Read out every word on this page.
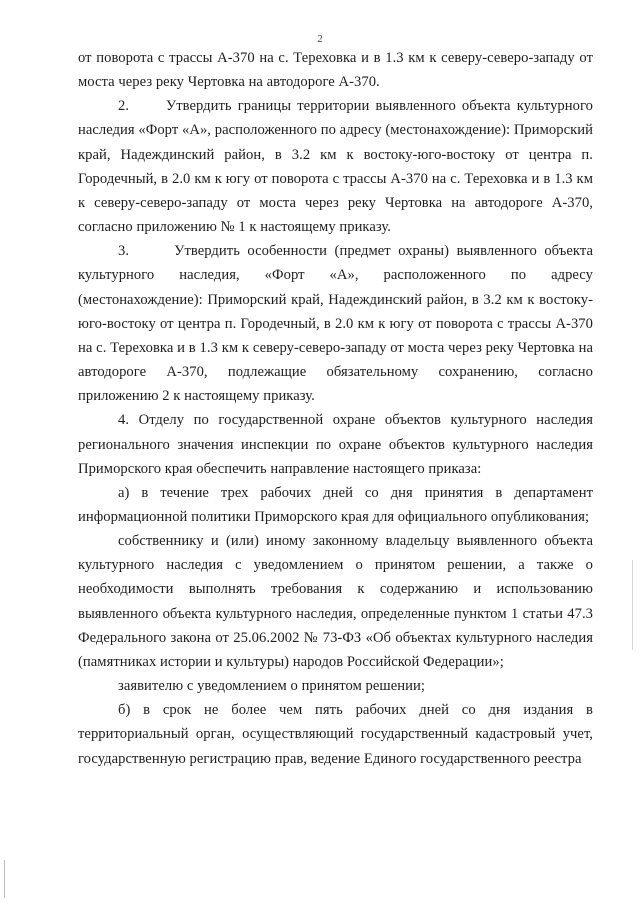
2

от поворота с трассы А-370 на с. Тереховка и в 1.3 км к северу-северо-западу от моста через реку Чертовка на автодороге А-370.

2.      Утвердить границы территории выявленного объекта культурного наследия «Форт «А», расположенного по адресу (местонахождение): Приморский край, Надеждинский район, в 3.2 км к востоку-юго-востоку от центра п. Городечный, в 2.0 км к югу от поворота с трассы А-370 на с. Тереховка и в 1.3 км к северу-северо-западу от моста через реку Чертовка на автодороге А-370, согласно приложению № 1 к настоящему приказу.

3.      Утвердить особенности (предмет охраны) выявленного объекта культурного наследия, «Форт «А», расположенного по адресу (местонахождение): Приморский край, Надеждинский район, в 3.2 км к востоку-юго-востоку от центра п. Городечный, в 2.0 км к югу от поворота с трассы А-370 на с. Тереховка и в 1.3 км к северу-северо-западу от моста через реку Чертовка на автодороге А-370, подлежащие обязательному сохранению, согласно приложению 2 к настоящему приказу.

4. Отделу по государственной охране объектов культурного наследия регионального значения инспекции по охране объектов культурного наследия Приморского края обеспечить направление настоящего приказа:

а) в течение трех рабочих дней со дня принятия в департамент информационной политики Приморского края для официального опубликования;

собственнику и (или) иному законному владельцу выявленного объекта культурного наследия с уведомлением о принятом решении, а также о необходимости выполнять требования к содержанию и использованию выявленного объекта культурного наследия, определенные пунктом 1 статьи 47.3 Федерального закона от 25.06.2002 № 73-ФЗ «Об объектах культурного наследия (памятниках истории и культуры) народов Российской Федерации»;

заявителю с уведомлением о принятом решении;

б) в срок не более чем пять рабочих дней со дня издания в территориальный орган, осуществляющий государственный кадастровый учет, государственную регистрацию прав, ведение Единого государственного реестра
